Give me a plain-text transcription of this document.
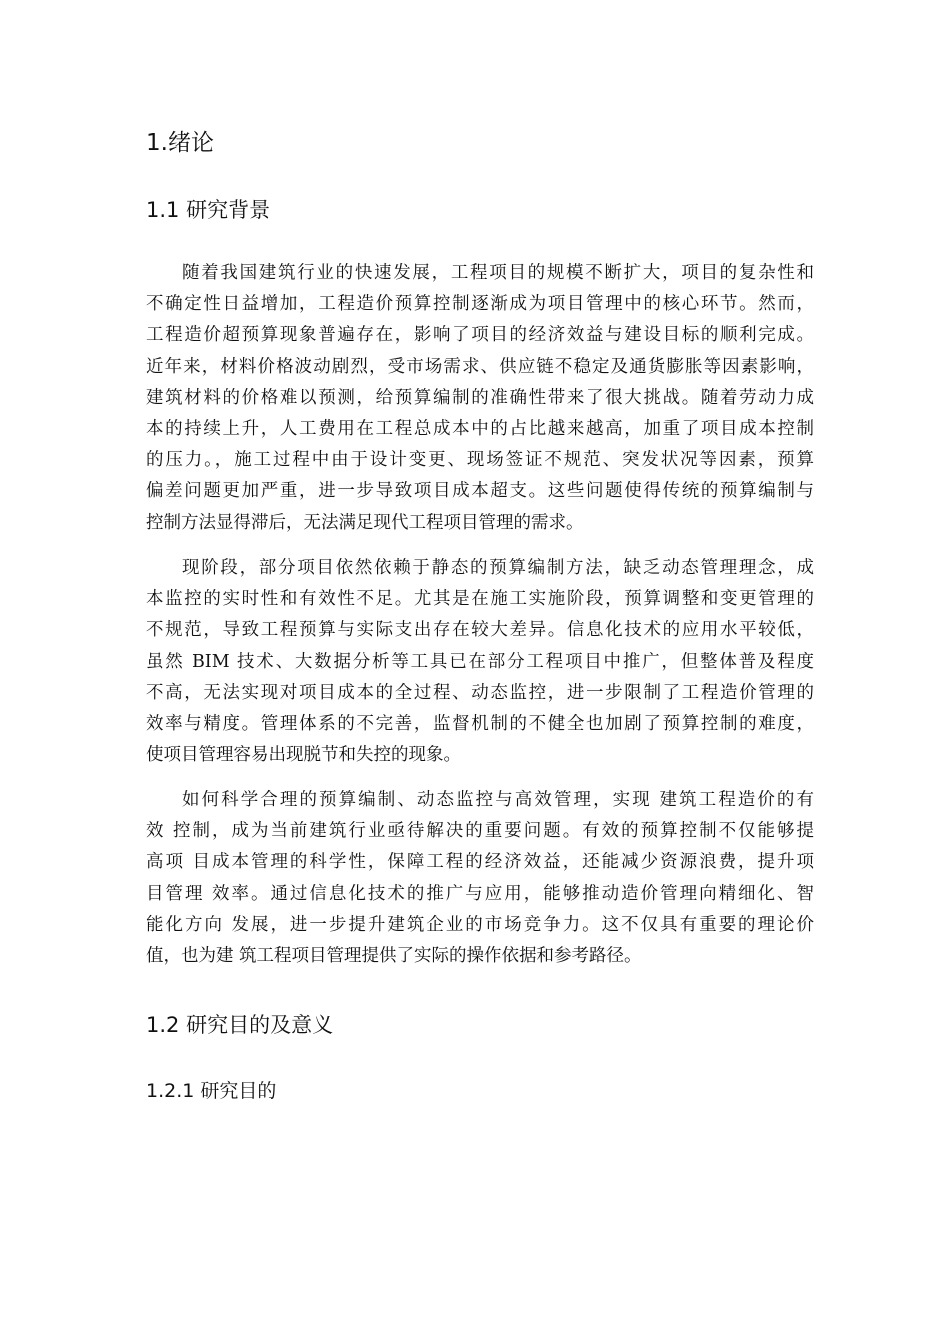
1.绪论
1.1 研究背景
随着我国建筑行业的快速发展，工程项目的规模不断扩大，项目的复杂性和
不确定性日益增加，工程造价预算控制逐渐成为项目管理中的核心环节。然而，
工程造价超预算现象普遍存在，影响了项目的经济效益与建设目标的顺利完成。
近年来，材料价格波动剧烈，受市场需求、供应链不稳定及通货膨胀等因素影响，
建筑材料的价格难以预测，给预算编制的准确性带来了很大挑战。随着劳动力成
本的持续上升，人工费用在工程总成本中的占比越来越高，加重了项目成本控制
的压力。，施工过程中由于设计变更、现场签证不规范、突发状况等因素，预算
偏差问题更加严重，进一步导致项目成本超支。这些问题使得传统的预算编制与
控制方法显得滞后，无法满足现代工程项目管理的需求。
现阶段，部分项目依然依赖于静态的预算编制方法，缺乏动态管理理念，成
本监控的实时性和有效性不足。尤其是在施工实施阶段，预算调整和变更管理的
不规范，导致工程预算与实际支出存在较大差异。信息化技术的应用水平较低，
虽然 BIM 技术、大数据分析等工具已在部分工程项目中推广，但整体普及程度
不高，无法实现对项目成本的全过程、动态监控，进一步限制了工程造价管理的
效率与精度。管理体系的不完善，监督机制的不健全也加剧了预算控制的难度，
使项目管理容易出现脱节和失控的现象。
如何科学合理的预算编制、动态监控与高效管理，实现 建筑工程造价的有
效 控制，成为当前建筑行业亟待解决的重要问题。有效的预算控制不仅能够提
高项 目成本管理的科学性，保障工程的经济效益，还能减少资源浪费，提升项
目管理 效率。通过信息化技术的推广与应用，能够推动造价管理向精细化、智
能化方向 发展，进一步提升建筑企业的市场竞争力。这不仅具有重要的理论价
值，也为建 筑工程项目管理提供了实际的操作依据和参考路径。
1.2 研究目的及意义
1.2.1 研究目的
